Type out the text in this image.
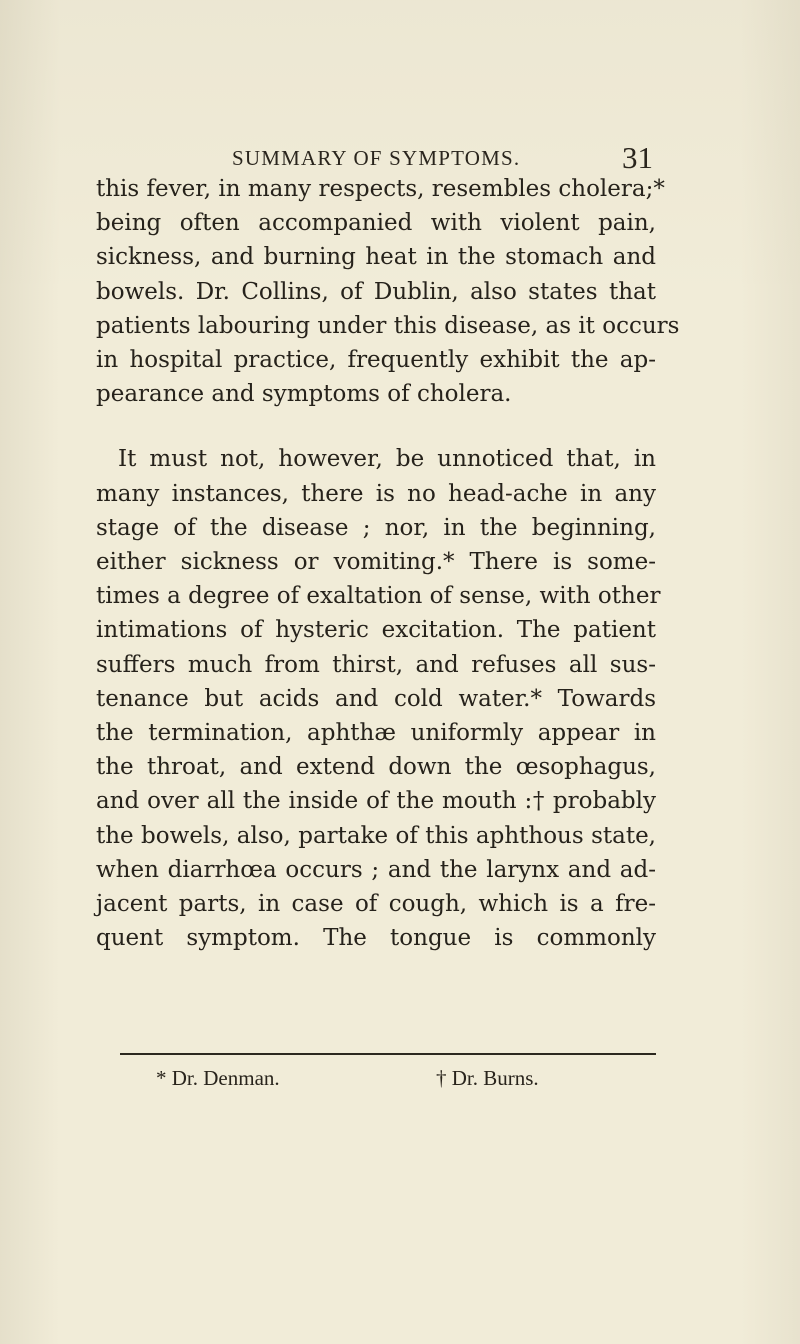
SUMMARY OF SYMPTOMS.	31
this fever, in many respects, resembles cholera;*
being often accompanied with violent pain,
sickness, and burning heat in the stomach and
bowels. Dr. Collins, of Dublin, also states that
patients labouring under this disease, as it occurs
in hospital practice, frequently exhibit the ap-
pearance and symptoms of cholera.
It must not, however, be unnoticed that, in
many instances, there is no head-ache in any
stage of the disease ; nor, in the beginning,
either sickness or vomiting.* There is some-
times a degree of exaltation of sense, with other
intimations of hysteric excitation. The patient
suffers much from thirst, and refuses all sus-
tenance but acids and cold water.* Towards
the termination, aphthæ uniformly appear in
the throat, and extend down the œsophagus,
and over all the inside of the mouth :† probably
the bowels, also, partake of this aphthous state,
when diarrhœa occurs ; and the larynx and ad-
jacent parts, in case of cough, which is a fre-
quent symptom. The tongue is commonly
* Dr. Denman.	† Dr. Burns.
